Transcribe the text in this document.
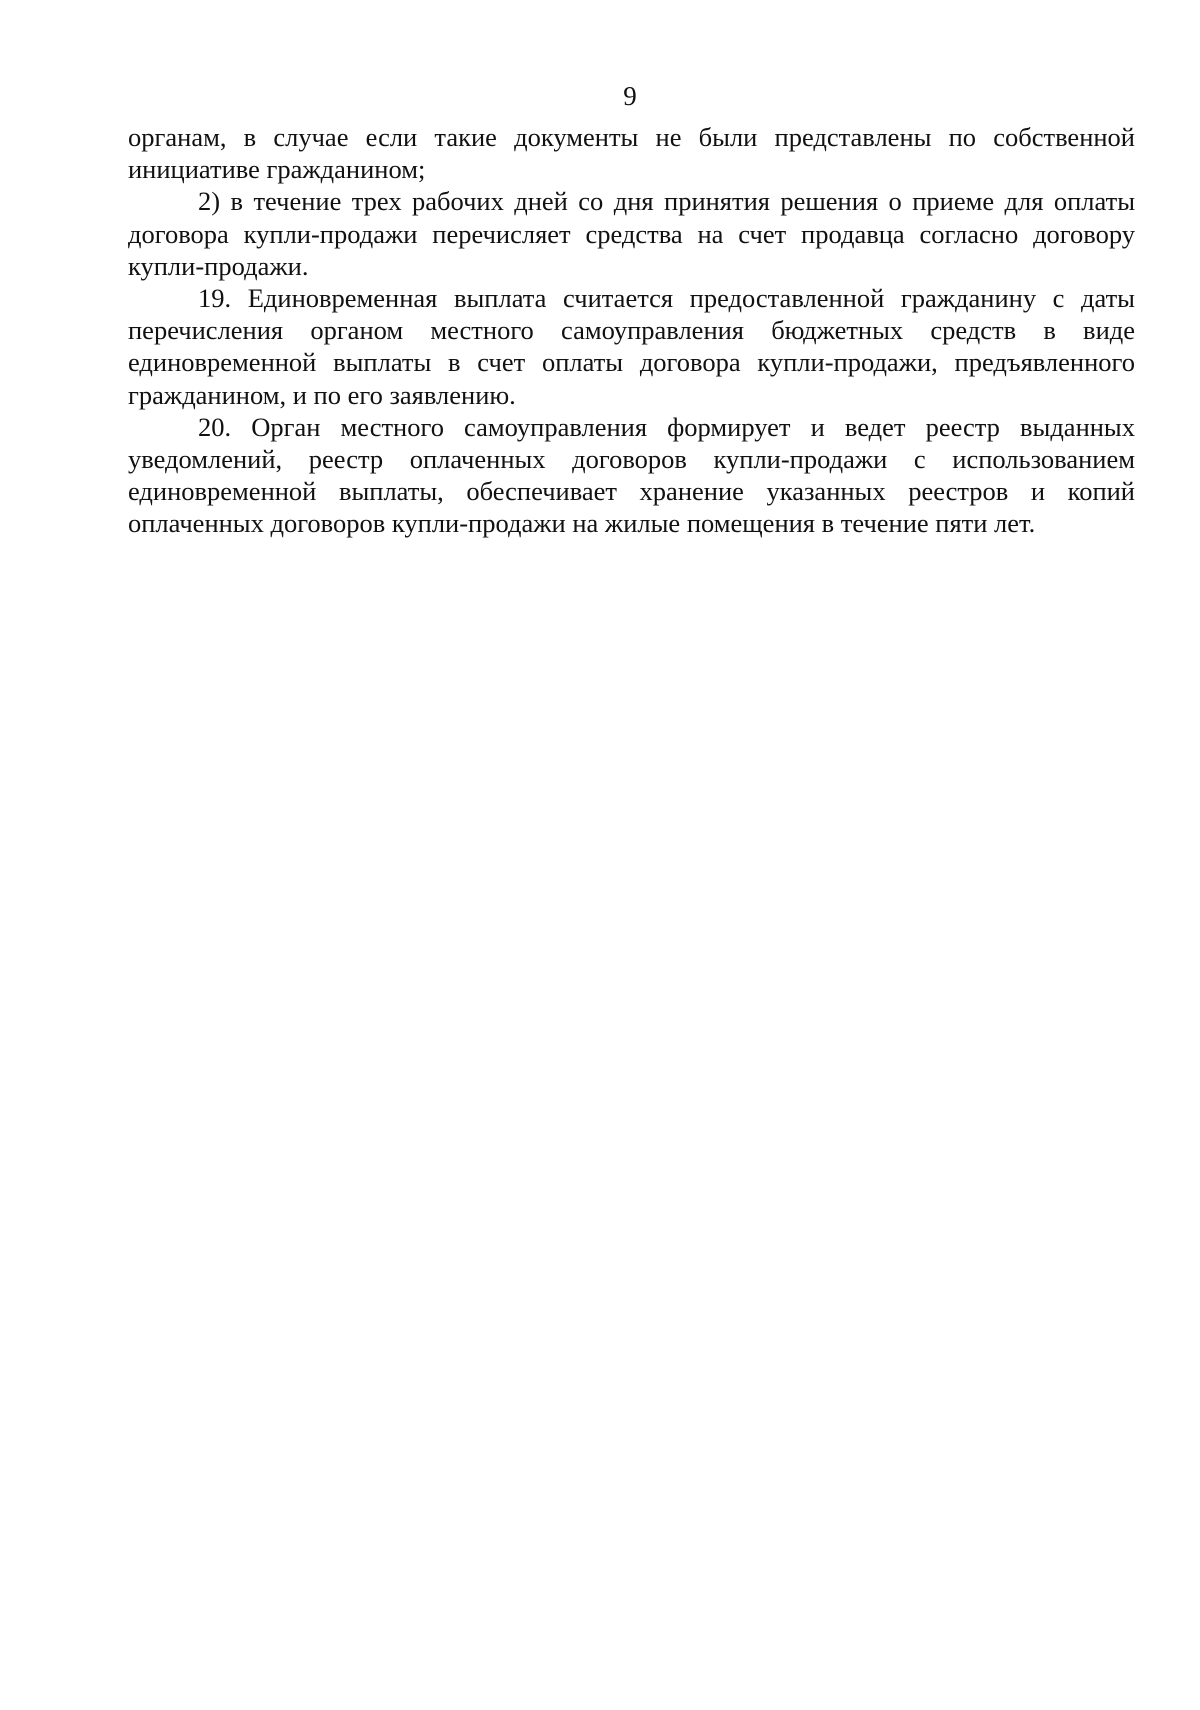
9

органам, в случае если такие документы не были представлены по собственной инициативе гражданином;

2) в течение трех рабочих дней со дня принятия решения о приеме для оплаты договора купли-продажи перечисляет средства на счет продавца согласно договору купли-продажи.

19. Единовременная выплата считается предоставленной гражданину с даты перечисления органом местного самоуправления бюджетных средств в виде единовременной выплаты в счет оплаты договора купли-продажи, предъявленного гражданином, и по его заявлению.

20. Орган местного самоуправления формирует и ведет реестр выданных уведомлений, реестр оплаченных договоров купли-продажи с использованием единовременной выплаты, обеспечивает хранение указанных реестров и копий оплаченных договоров купли-продажи на жилые помещения в течение пяти лет.
